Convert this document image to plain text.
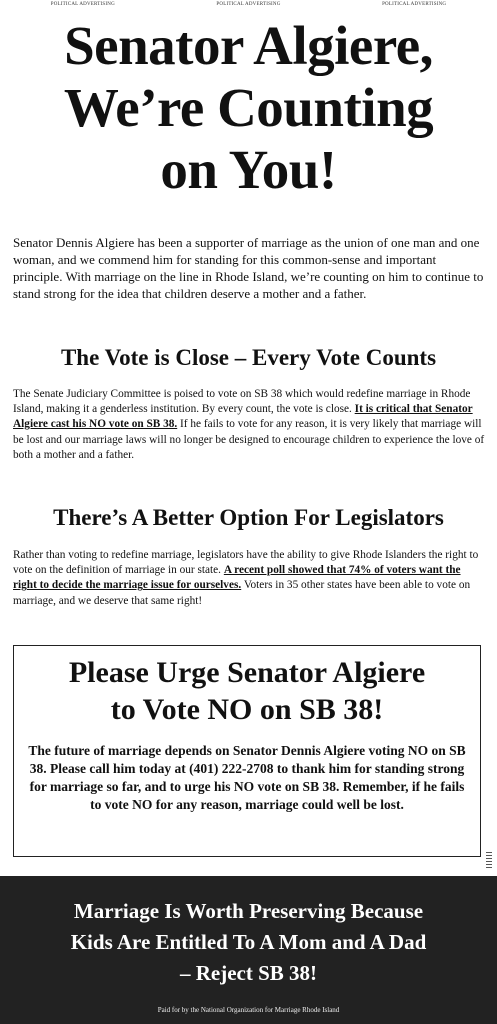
POLITICAL ADVERTISING	POLITICAL ADVERTISING	POLITICAL ADVERTISING
Senator Algiere,
We’re Counting
on You!

Senator Dennis Algiere has been a supporter of marriage as the union of one man and one woman, and we commend him for standing for this common-sense and important principle. With marriage on the line in Rhode Island, we’re counting on him to continue to stand strong for the idea that children deserve a mother and a father.

The Vote is Close – Every Vote Counts

The Senate Judiciary Committee is poised to vote on SB 38 which would redefine marriage in Rhode Island, making it a genderless institution. By every count, the vote is close. It is critical that Senator Algiere cast his NO vote on SB 38. If he fails to vote for any reason, it is very likely that marriage will be lost and our marriage laws will no longer be designed to encourage children to experience the love of both a mother and a father.

There’s A Better Option For Legislators

Rather than voting to redefine marriage, legislators have the ability to give Rhode Islanders the right to vote on the definition of marriage in our state. A recent poll showed that 74% of voters want the right to decide the marriage issue for ourselves. Voters in 35 other states have been able to vote on marriage, and we deserve that same right!

Please Urge Senator Algiere
to Vote NO on SB 38!

The future of marriage depends on Senator Dennis Algiere voting NO on SB 38. Please call him today at (401) 222-2708 to thank him for standing strong for marriage so far, and to urge his NO vote on SB 38. Remember, if he fails to vote NO for any reason, marriage could well be lost.

Marriage Is Worth Preserving Because
Kids Are Entitled To A Mom and A Dad
– Reject SB 38!
Paid for by the National Organization for Marriage Rhode Island
